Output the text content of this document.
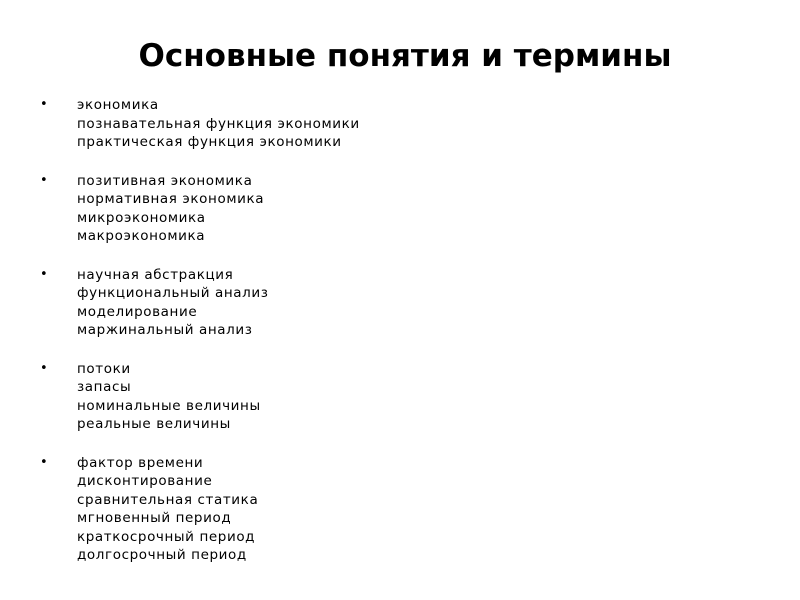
Основные понятия и термины
• экономика
познавательная функция экономики
практическая функция экономики
• позитивная экономика
нормативная экономика
микроэкономика
макроэкономика
• научная абстракция
функциональный анализ
моделирование
маржинальный анализ
• потоки
запасы
номинальные величины
реальные величины
• фактор времени
дисконтирование
сравнительная статика
мгновенный период
краткосрочный период
долгосрочный период
